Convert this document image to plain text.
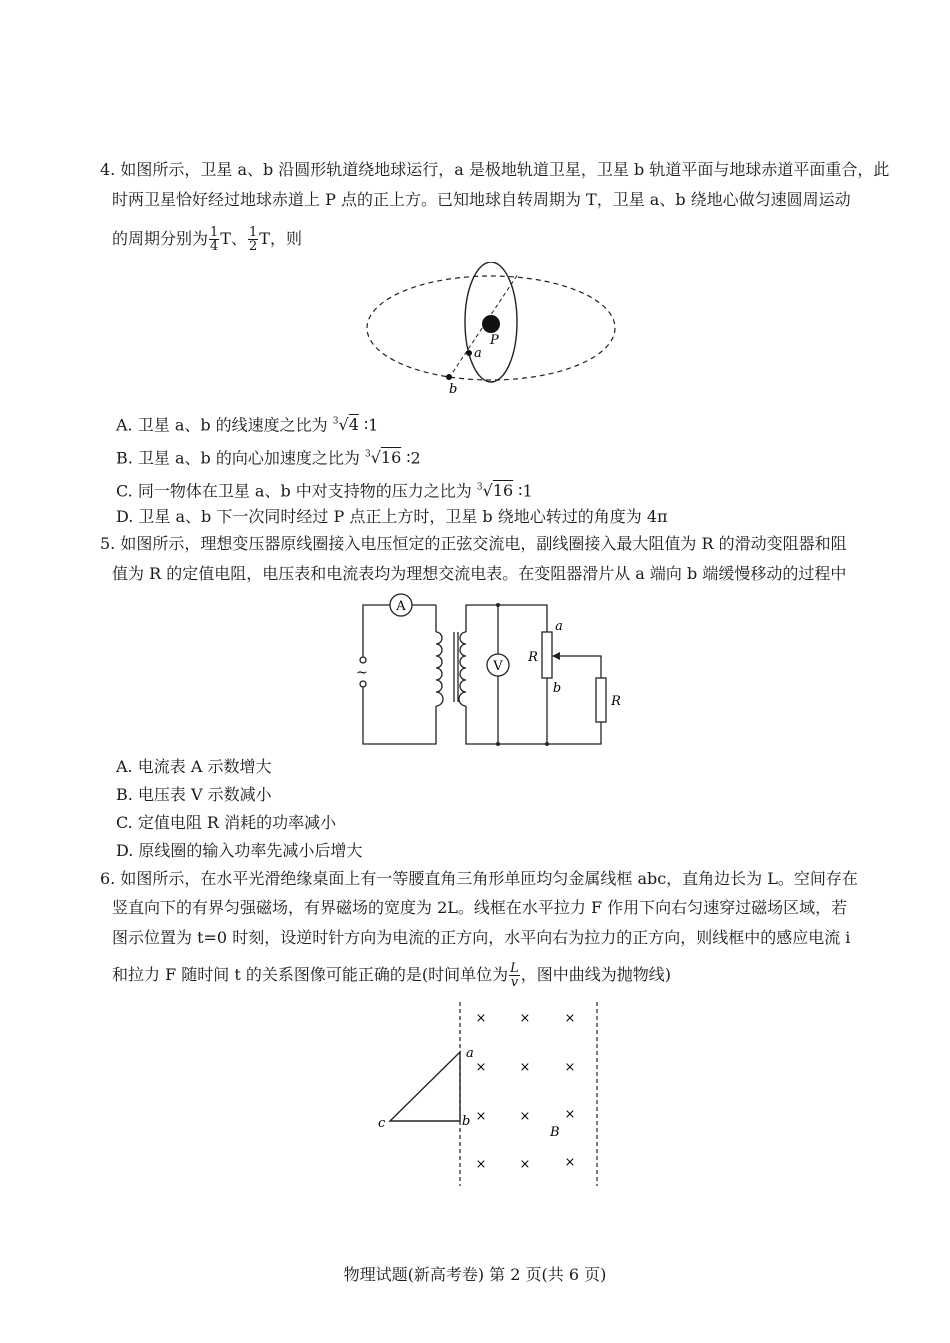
4. 如图所示，卫星 a、b 沿圆形轨道绕地球运行，a 是极地轨道卫星，卫星 b 轨道平面与地球赤道平面重合，此
时两卫星恰好经过地球赤道上 P 点的正上方。已知地球自转周期为 T，卫星 a、b 绕地心做匀速圆周运动
的周期分别为 $\frac{1}{4}$ T、 $\frac{1}{2}$ T，则
P
a
b
A. 卫星 a、b 的线速度之比为 $^3$√4 ∶1
B. 卫星 a、b 的向心加速度之比为 $^3$√16 ∶2
C. 同一物体在卫星 a、b 中对支持物的压力之比为 $^3$√16 ∶1
D. 卫星 a、b 下一次同时经过 P 点正上方时，卫星 b 绕地心转过的角度为 4π
5. 如图所示，理想变压器原线圈接入电压恒定的正弦交流电，副线圈接入最大阻值为 R 的滑动变阻器和阻
值为 R 的定值电阻，电压表和电流表均为理想交流电表。在变阻器滑片从 a 端向 b 端缓慢移动的过程中
A
V
~
R
R
a
b
A. 电流表 A 示数增大
B. 电压表 V 示数减小
C. 定值电阻 R 消耗的功率减小
D. 原线圈的输入功率先减小后增大
6. 如图所示，在水平光滑绝缘桌面上有一等腰直角三角形单匝均匀金属线框 abc，直角边长为 L。空间存在
竖直向下的有界匀强磁场，有界磁场的宽度为 2L。线框在水平拉力 F 作用下向右匀速穿过磁场区域，若
图示位置为 t=0 时刻，设逆时针方向为电流的正方向，水平向右为拉力的正方向，则线框中的感应电流 i
和拉力 F 随时间 t 的关系图像可能正确的是(时间单位为 $\frac{L}{v}$ ，图中曲线为抛物线)
a
b
c
B
×	×	×
×	×	×
×	×	×
×	×	×
物理试题(新高考卷) 第 2 页(共 6 页)
